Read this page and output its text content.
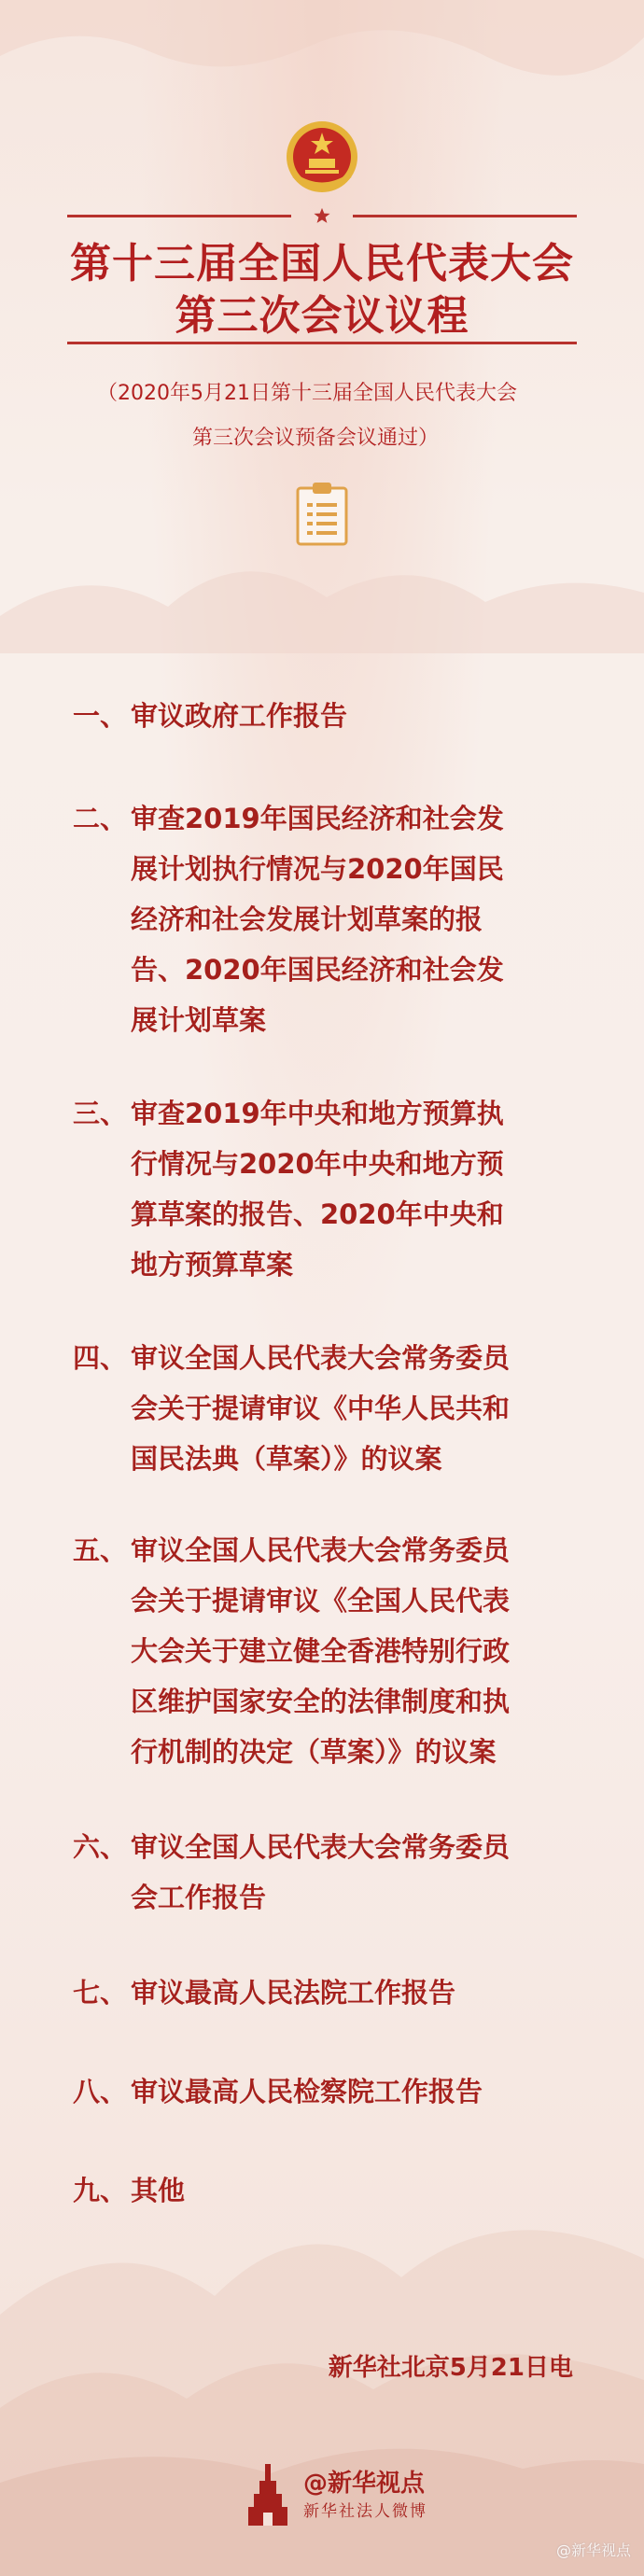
第十三届全国人民代表大会
第三次会议议程
（2020年5月21日第十三届全国人民代表大会
第三次会议预备会议通过）
一、 审议政府工作报告
二、 审查2019年国民经济和社会发
展计划执行情况与2020年国民
经济和社会发展计划草案的报
告、2020年国民经济和社会发
展计划草案
三、 审查2019年中央和地方预算执
行情况与2020年中央和地方预
算草案的报告、2020年中央和
地方预算草案
四、 审议全国人民代表大会常务委员
会关于提请审议《中华人民共和
国民法典（草案）》的议案
五、 审议全国人民代表大会常务委员
会关于提请审议《全国人民代表
大会关于建立健全香港特别行政
区维护国家安全的法律制度和执
行机制的决定（草案）》的议案
六、 审议全国人民代表大会常务委员
会工作报告
七、 审议最高人民法院工作报告
八、 审议最高人民检察院工作报告
九、 其他
新华社北京5月21日电
@新华视点
新华社法人微博
@新华视点
